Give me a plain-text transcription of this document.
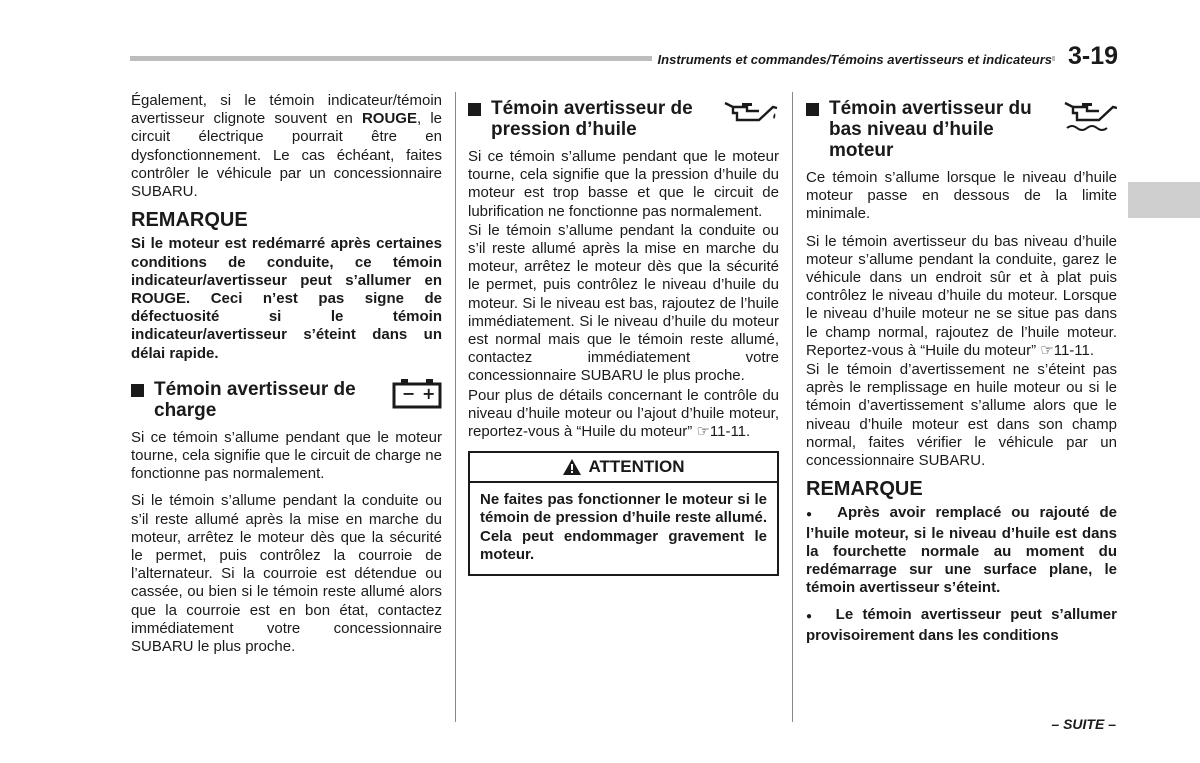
Instruments et commandes/Témoins avertisseurs et indicateurs 3-19

Également, si le témoin indicateur/témoin avertisseur clignote souvent en ROUGE, le circuit électrique pourrait être en dysfonctionnement. Le cas échéant, faites contrôler le véhicule par un concessionnaire SUBARU.

REMARQUE

Si le moteur est redémarré après certaines conditions de conduite, ce témoin indicateur/avertisseur peut s’allumer en ROUGE. Ceci n’est pas signe de défectuosité si le témoin indicateur/avertisseur s’éteint dans un délai rapide.

Témoin avertisseur de charge
− +

Si ce témoin s’allume pendant que le moteur tourne, cela signifie que le circuit de charge ne fonctionne pas normalement.

Si le témoin s’allume pendant la conduite ou s’il reste allumé après la mise en marche du moteur, arrêtez le moteur dès que la sécurité le permet, puis contrôlez la courroie de l’alternateur. Si la courroie est détendue ou cassée, ou bien si le témoin reste allumé alors que la courroie est en bon état, contactez immédiatement votre concessionnaire SUBARU le plus proche.

Témoin avertisseur de pression d’huile

Si ce témoin s’allume pendant que le moteur tourne, cela signifie que la pression d’huile du moteur est trop basse et que le circuit de lubrification ne fonctionne pas normalement.

Si le témoin s’allume pendant la conduite ou s’il reste allumé après la mise en marche du moteur, arrêtez le moteur dès que la sécurité le permet, puis contrôlez le niveau d’huile du moteur. Si le niveau est bas, rajoutez de l’huile immédiatement. Si le niveau d’huile du moteur est normal mais que le témoin reste allumé, contactez immédiatement votre concessionnaire SUBARU le plus proche.

Pour plus de détails concernant le contrôle du niveau d’huile moteur ou l’ajout d’huile moteur, reportez-vous à “Huile du moteur” ☞11-11.

ATTENTION
Ne faites pas fonctionner le moteur si le témoin de pression d’huile reste allumé. Cela peut endommager gravement le moteur.
Témoin avertisseur du bas niveau d’huile moteur

Ce témoin s’allume lorsque le niveau d’huile moteur passe en dessous de la limite minimale.

Si le témoin avertisseur du bas niveau d’huile moteur s’allume pendant la conduite, garez le véhicule dans un endroit sûr et à plat puis contrôlez le niveau d’huile du moteur. Lorsque le niveau d’huile moteur ne se situe pas dans le champ normal, rajoutez de l’huile moteur. Reportez-vous à “Huile du moteur” ☞11-11.

Si le témoin d’avertissement ne s’éteint pas après le remplissage en huile moteur ou si le témoin d’avertissement s’allume alors que le niveau d’huile moteur est dans son champ normal, faites vérifier le véhicule par un concessionnaire SUBARU.

REMARQUE

● Après avoir remplacé ou rajouté de l’huile moteur, si le niveau d’huile est dans la fourchette normale au moment du redémarrage sur une surface plane, le témoin avertisseur s’éteint.

● Le témoin avertisseur peut s’allumer provisoirement dans les conditions

– SUITE –
